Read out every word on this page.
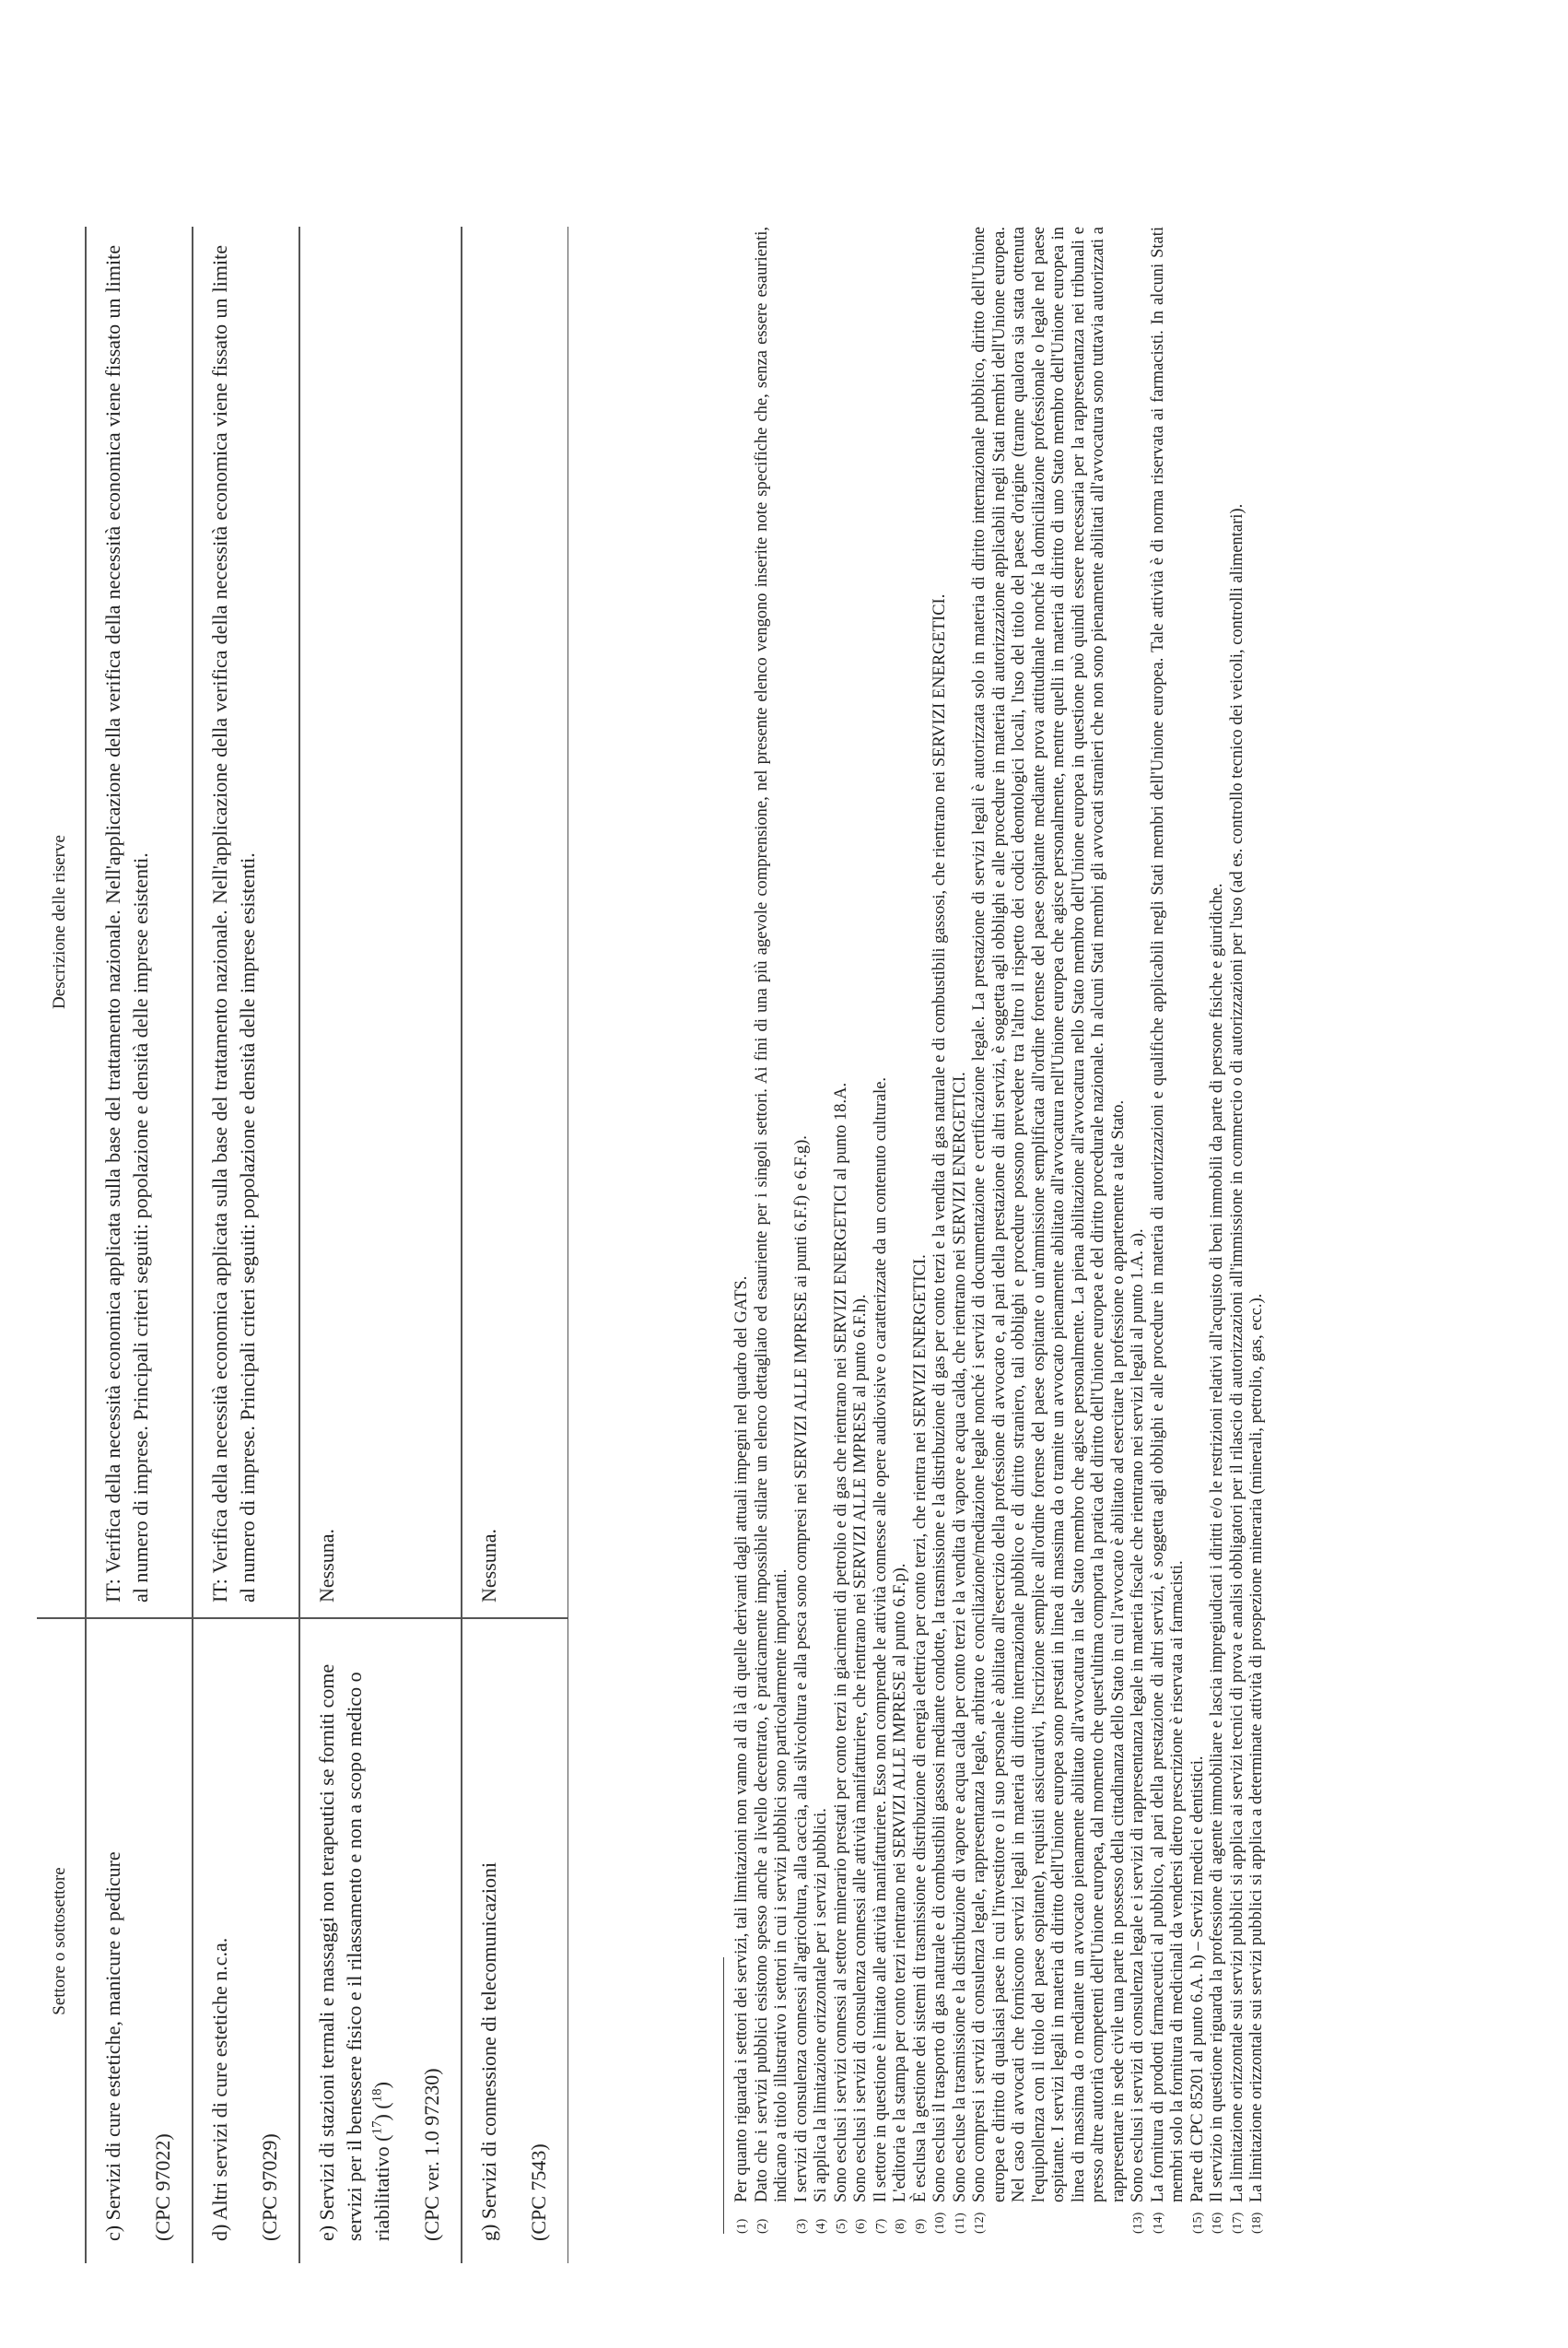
Settore o sottosettore	Descrizione delle riserve

c) Servizi di cure estetiche, manicure e pedicure (CPC 97022)	IT: Verifica della necessità economica applicata sulla base del trattamento nazionale. Nell'applicazione della verifica della necessità economica viene fissato un limite al numero di imprese. Principali criteri seguiti: popolazione e densità delle imprese esistenti.

d) Altri servizi di cure estetiche n.c.a. (CPC 97029)	IT: Verifica della necessità economica applicata sulla base del trattamento nazionale. Nell'applicazione della verifica della necessità economica viene fissato un limite al numero di imprese. Principali criteri seguiti: popolazione e densità delle imprese esistenti.

e) Servizi di stazioni termali e massaggi non terapeutici se forniti come servizi per il benessere fisico e il rilassamento e non a scopo medico o riabilitativo ($^{17}$) ($^{18}$) (CPC ver. 1.0 97230)	Nessuna.

g) Servizi di connessione di telecomunicazioni (CPC 7543)	Nessuna.
(1)
Per quanto riguarda i settori dei servizi, tali limitazioni non vanno al di là di quelle derivanti dagli attuali impegni nel quadro del GATS.
(2)
Dato che i servizi pubblici esistono spesso anche a livello decentrato, è praticamente impossibile stilare un elenco dettagliato ed esauriente per i singoli settori. Ai fini di una più agevole comprensione, nel presente elenco vengono inserite note specifiche che, senza essere esaurienti, indicano a titolo illustrativo i settori in cui i servizi pubblici sono particolarmente importanti.
(3)
I servizi di consulenza connessi all'agricoltura, alla caccia, alla silvicoltura e alla pesca sono compresi nei SERVIZI ALLE IMPRESE ai punti 6.F.f) e 6.F.g).
(4)
Si applica la limitazione orizzontale per i servizi pubblici.
(5)
Sono esclusi i servizi connessi al settore minerario prestati per conto terzi in giacimenti di petrolio e di gas che rientrano nei SERVIZI ENERGETICI al punto 18.A.
(6)
Sono esclusi i servizi di consulenza connessi alle attività manifatturiere, che rientrano nei SERVIZI ALLE IMPRESE al punto 6.F.h).
(7)
Il settore in questione è limitato alle attività manifatturiere. Esso non comprende le attività connesse alle opere audiovisive o caratterizzate da un contenuto culturale.
(8)
L'editoria e la stampa per conto terzi rientrano nei SERVIZI ALLE IMPRESE al punto 6.F.p).
(9)
È esclusa la gestione dei sistemi di trasmissione e distribuzione di energia elettrica per conto terzi, che rientra nei SERVIZI ENERGETICI.
(10)
Sono esclusi il trasporto di gas naturale e di combustibili gassosi mediante condotte, la trasmissione e la distribuzione di gas per conto terzi e la vendita di gas naturale e di combustibili gassosi, che rientrano nei SERVIZI ENERGETICI.
(11)
Sono escluse la trasmissione e la distribuzione di vapore e acqua calda per conto terzi e la vendita di vapore e acqua calda, che rientrano nei SERVIZI ENERGETICI.
(12)
Sono compresi i servizi di consulenza legale, rappresentanza legale, arbitrato e conciliazione/mediazione legale nonché i servizi di documentazione e certificazione legale. La prestazione di servizi legali è autorizzata solo in materia di diritto internazionale pubblico, diritto dell'Unione europea e diritto di qualsiasi paese in cui l'investitore o il suo personale è abilitato all'esercizio della professione di avvocato e, al pari della prestazione di altri servizi, è soggetta agli obblighi e alle procedure in materia di autorizzazione applicabili negli Stati membri dell'Unione europea. Nel caso di avvocati che forniscono servizi legali in materia di diritto internazionale pubblico e di diritto straniero, tali obblighi e procedure possono prevedere tra l'altro il rispetto dei codici deontologici locali, l'uso del titolo del paese d'origine (tranne qualora sia stata ottenuta l'equipollenza con il titolo del paese ospitante), requisiti assicurativi, l'iscrizione semplice all'ordine forense del paese ospitante o un'ammissione semplificata all'ordine forense del paese ospitante mediante prova attitudinale nonché la domiciliazione professionale o legale nel paese ospitante. I servizi legali in materia di diritto dell'Unione europea sono prestati in linea di massima da o tramite un avvocato pienamente abilitato all'avvocatura nell'Unione europea che agisce personalmente, mentre quelli in materia di diritto di uno Stato membro dell'Unione europea in linea di massima da o mediante un avvocato pienamente abilitato all'avvocatura in tale Stato membro che agisce personalmente. La piena abilitazione all'avvocatura nello Stato membro dell'Unione europea in questione può quindi essere necessaria per la rappresentanza nei tribunali e presso altre autorità competenti dell'Unione europea, dal momento che quest'ultima comporta la pratica del diritto dell'Unione europea e del diritto procedurale nazionale. In alcuni Stati membri gli avvocati stranieri che non sono pienamente abilitati all'avvocatura sono tuttavia autorizzati a rappresentare in sede civile una parte in possesso della cittadinanza dello Stato in cui l'avvocato è abilitato ad esercitare la professione o appartenente a tale Stato.
(13)
Sono esclusi i servizi di consulenza legale e i servizi di rappresentanza legale in materia fiscale che rientrano nei servizi legali al punto 1.A. a).
(14)
La fornitura di prodotti farmaceutici al pubblico, al pari della prestazione di altri servizi, è soggetta agli obblighi e alle procedure in materia di autorizzazioni e qualifiche applicabili negli Stati membri dell'Unione europea. Tale attività è di norma riservata ai farmacisti. In alcuni Stati membri solo la fornitura di medicinali da vendersi dietro prescrizione è riservata ai farmacisti.
(15)
Parte di CPC 85201 al punto 6.A. h) – Servizi medici e dentistici.
(16)
Il servizio in questione riguarda la professione di agente immobiliare e lascia impregiudicati i diritti e/o le restrizioni relativi all'acquisto di beni immobili da parte di persone fisiche e giuridiche.
(17)
La limitazione orizzontale sui servizi pubblici si applica ai servizi tecnici di prova e analisi obbligatori per il rilascio di autorizzazioni all'immissione in commercio o di autorizzazioni per l'uso (ad es. controllo tecnico dei veicoli, controlli alimentari).
(18)
La limitazione orizzontale sui servizi pubblici si applica a determinate attività di prospezione mineraria (minerali, petrolio, gas, ecc.).
